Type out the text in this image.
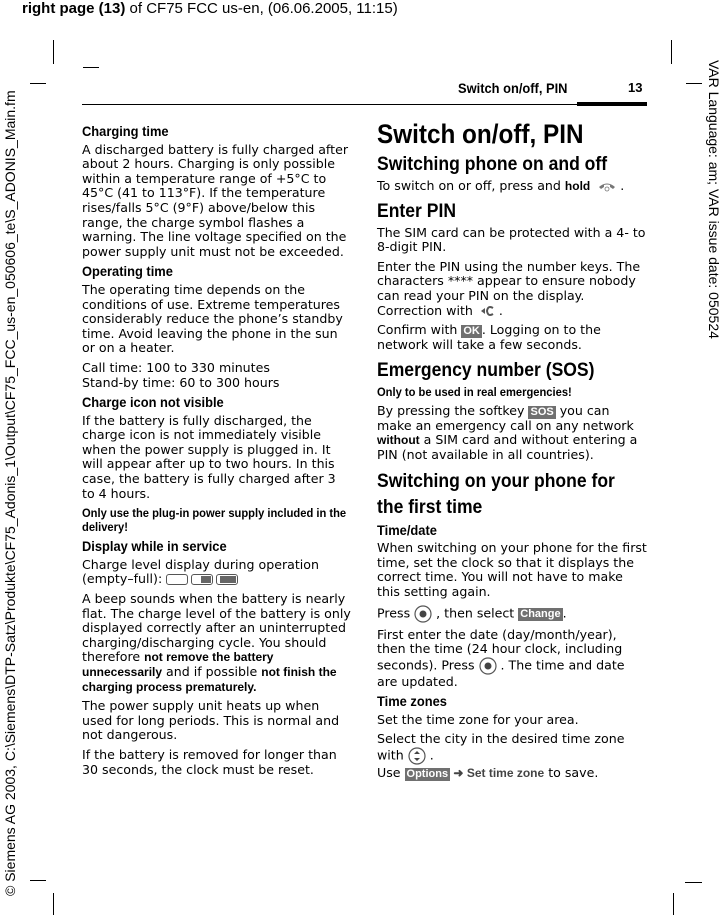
right page (13) of CF75 FCC us-en, (06.06.2005, 11:15)
© Siemens AG 2003, C:\Siemens\DTP-Satz\Produkte\CF75_Adonis_1\Output\CF75_FCC_us-en_050606_te\S_ADONIS_Main.fm	VAR Language: am; VAR issue date: 050524
Switch on/off, PIN	13
Charging time

A discharged battery is fully charged after about 2 hours. Charging is only possible within a temperature range of +5°C to 45°C (41 to 113°F). If the temperature rises/falls 5°C (9°F) above/below this range, the charge symbol flashes a warning. The line voltage specified on the power supply unit must not be exceeded.

Operating time

The operating time depends on the conditions of use. Extreme temperatures considerably reduce the phone’s standby time. Avoid leaving the phone in the sun or on a heater.

Call time: 100 to 330 minutes
Stand-by time: 60 to 300 hours

Charge icon not visible

If the battery is fully discharged, the charge icon is not immediately visible when the power supply is plugged in. It will appear after up to two hours. In this case, the battery is fully charged after 3 to 4 hours.

Only use the plug-in power supply included in the delivery!
Display while in service

Charge level display during operation (empty–full):

A beep sounds when the battery is nearly flat. The charge level of the battery is only displayed correctly after an uninterrupted charging/discharging cycle. You should therefore not remove the battery unnecessarily and if possible not finish the charging process prematurely.

The power supply unit heats up when used for long periods. This is normal and not dangerous.

If the battery is removed for longer than 30 seconds, the clock must be reset.

Switch on/off, PIN
Switching phone on and off

To switch on or off, press and hold   .

Enter PIN

The SIM card can be protected with a 4- to 8-digit PIN.

Enter the PIN using the number keys. The characters **** appear to ensure nobody can read your PIN on the display. Correction with   .

Confirm with OK . Logging on to the network will take a few seconds.

Emergency number (SOS)
Only to be used in real emergencies!

By pressing the softkey SOS you can make an emergency call on any network without a SIM card and without entering a PIN (not available in all countries).

Switching on your phone for the first time
Time/date

When switching on your phone for the first time, set the clock so that it displays the correct time. You will not have to make this setting again.

Press  , then select Change .

First enter the date (day/month/year), then the time (24 hour clock, including seconds). Press  . The time and date are updated.

Time zones

Set the time zone for your area.

Select the city in the desired time zone with  .

Use Options ➜ Set time zone to save.
